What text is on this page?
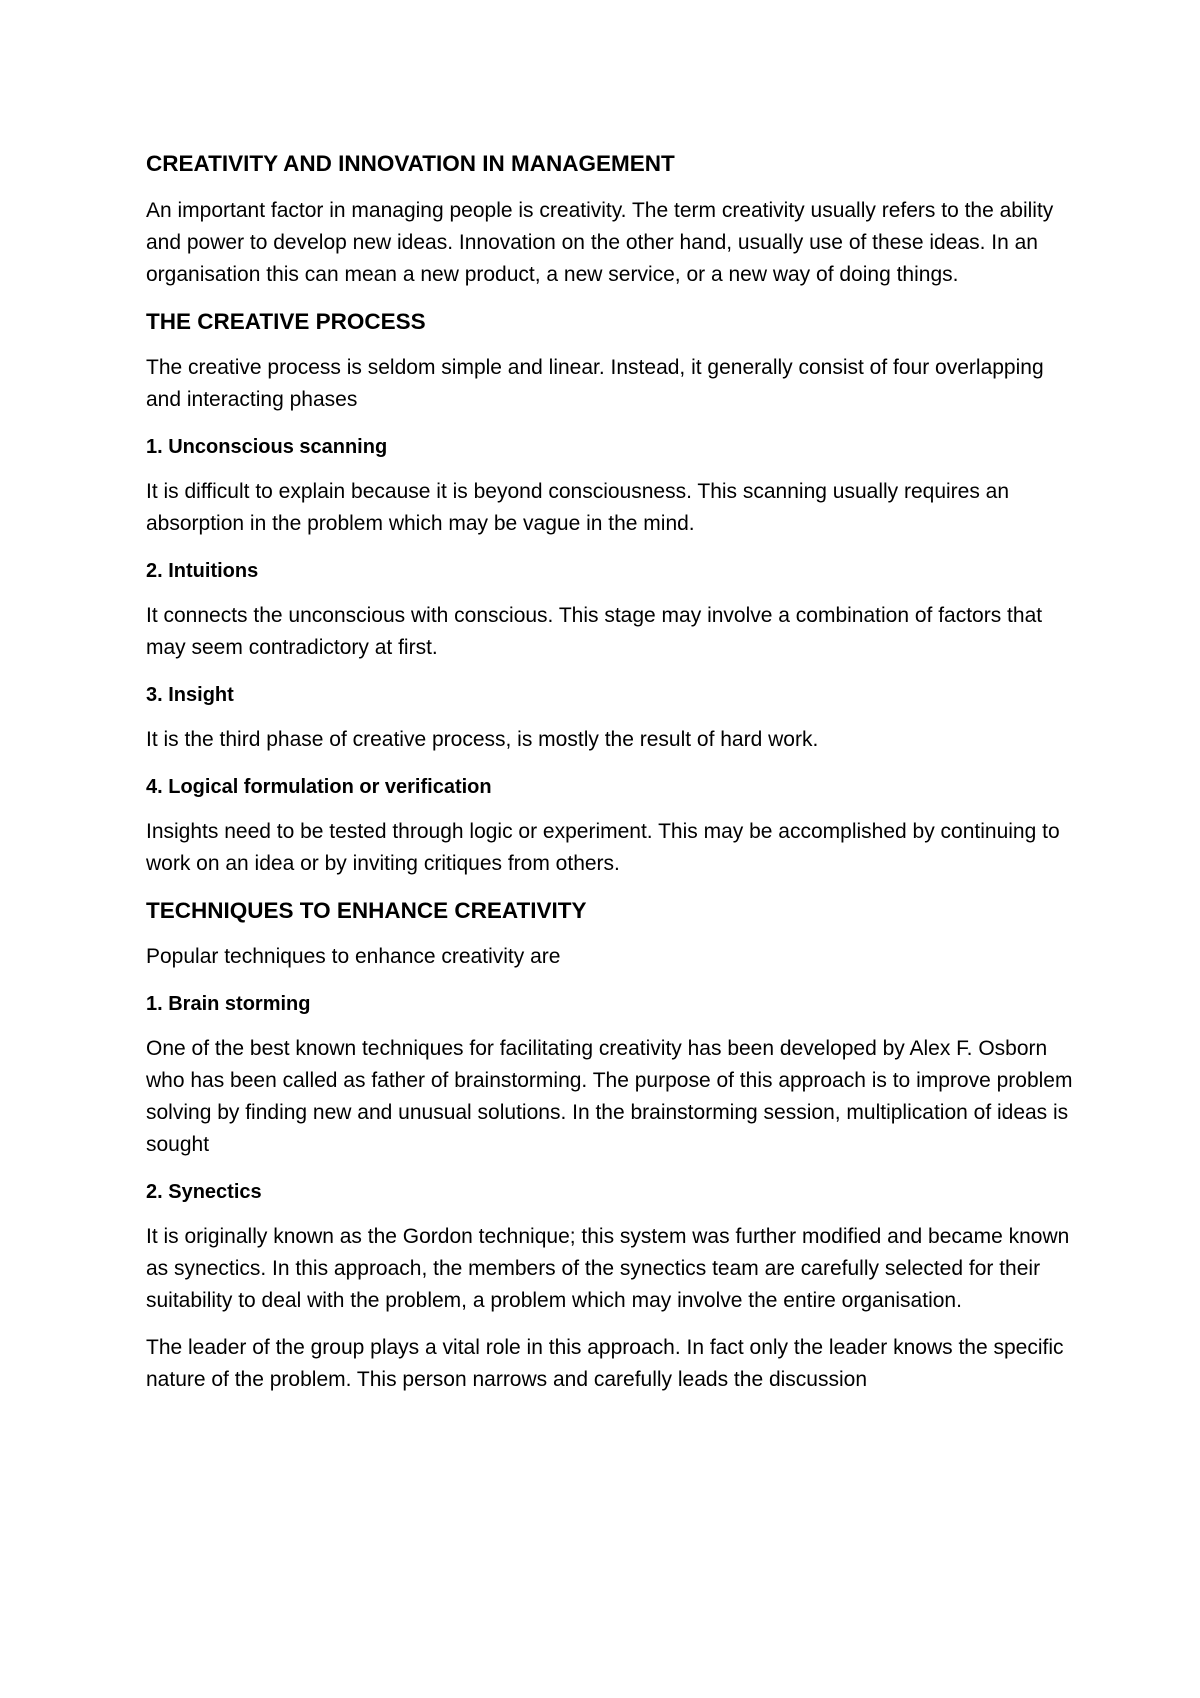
CREATIVITY AND INNOVATION IN MANAGEMENT

An important factor in managing people is creativity. The term creativity usually refers to the ability and power to develop new ideas. Innovation on the other hand, usually use of these ideas. In an organisation this can mean a new product, a new service, or a new way of doing things.

THE CREATIVE PROCESS

The creative process is seldom simple and linear. Instead, it generally consist of four overlapping and interacting phases

1. Unconscious scanning

It is difficult to explain because it is beyond consciousness. This scanning usually requires an absorption in the problem which may be vague in the mind.

2. Intuitions

It connects the unconscious with conscious. This stage may involve a combination of factors that may seem contradictory at first.

3. Insight

It is the third phase of creative process, is mostly the result of hard work.

4. Logical formulation or verification

Insights need to be tested through logic or experiment. This may be accomplished by continuing to work on an idea or by inviting critiques from others.

TECHNIQUES TO ENHANCE CREATIVITY

Popular techniques to enhance creativity are

1. Brain storming

One of the best known techniques for facilitating creativity has been developed by Alex F. Osborn who has been called as father of brainstorming. The purpose of this approach is to improve problem solving by finding new and unusual solutions. In the brainstorming session, multiplication of ideas is sought

2. Synectics

It is originally known as the Gordon technique; this system was further modified and became known as synectics. In this approach, the members of the synectics team are carefully selected for their suitability to deal with the problem, a problem which may involve the entire organisation.

The leader of the group plays a vital role in this approach. In fact only the leader knows the specific nature of the problem. This person narrows and carefully leads the discussion
